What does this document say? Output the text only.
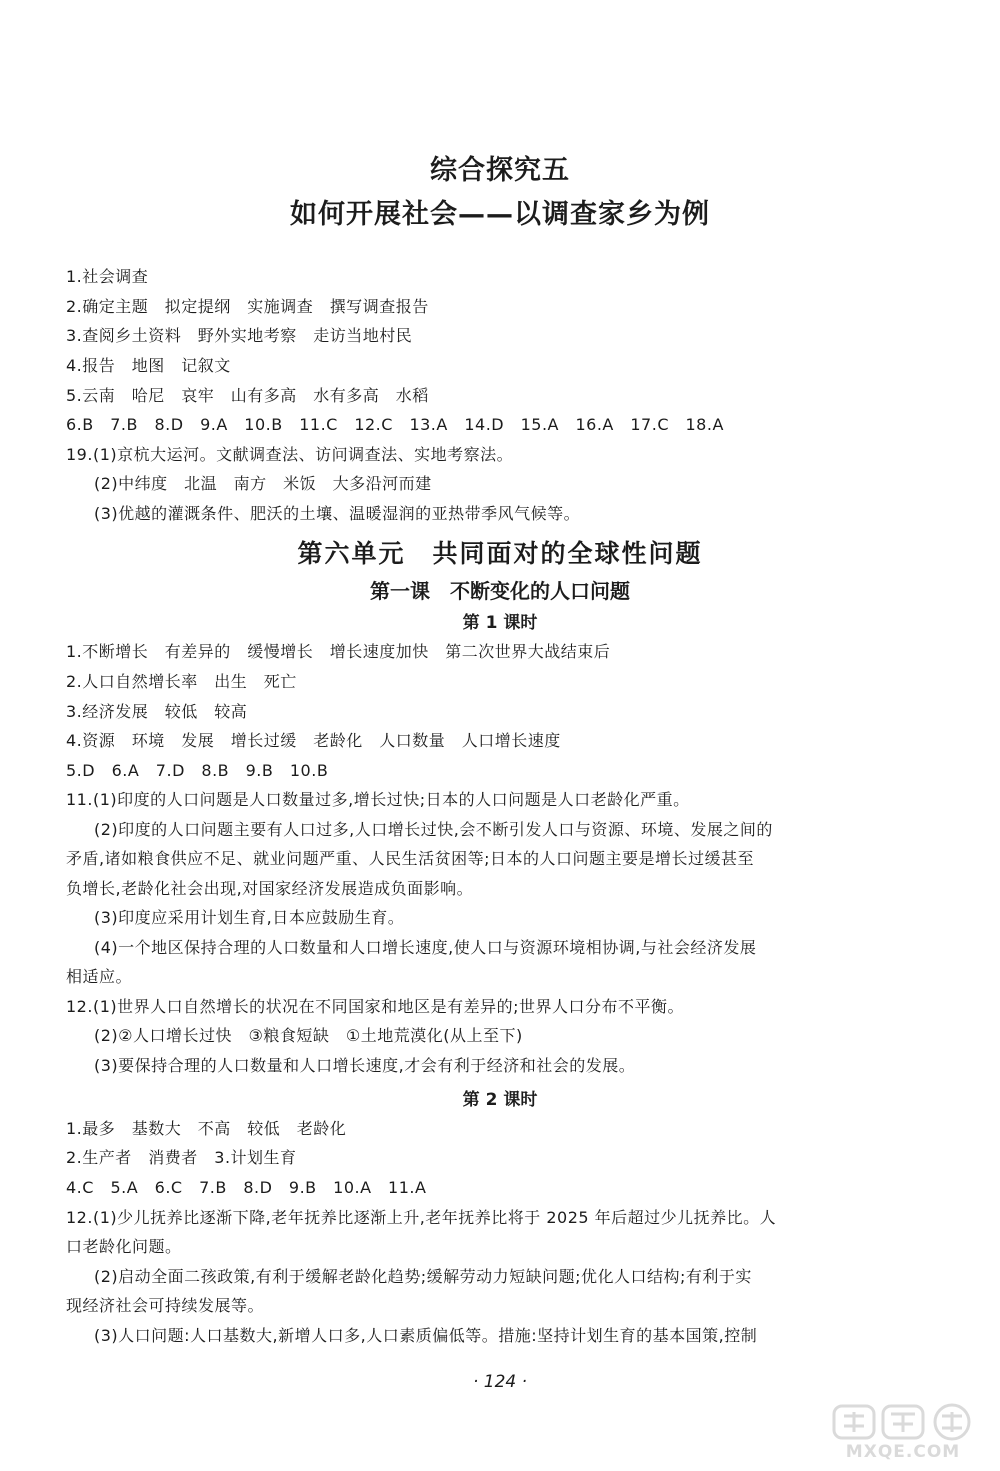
综合探究五
如何开展社会——以调查家乡为例
1.社会调查
2.确定主题　拟定提纲　实施调查　撰写调查报告
3.查阅乡土资料　野外实地考察　走访当地村民
4.报告　地图　记叙文
5.云南　哈尼　哀牢　山有多高　水有多高　水稻
6.B　7.B　8.D　9.A　10.B　11.C　12.C　13.A　14.D　15.A　16.A　17.C　18.A
19.(1)京杭大运河。文献调查法、访问调查法、实地考察法。
(2)中纬度　北温　南方　米饭　大多沿河而建
(3)优越的灌溉条件、肥沃的土壤、温暖湿润的亚热带季风气候等。
第六单元　共同面对的全球性问题
第一课　不断变化的人口问题
第 1 课时
1.不断增长　有差异的　缓慢增长　增长速度加快　第二次世界大战结束后
2.人口自然增长率　出生　死亡
3.经济发展　较低　较高
4.资源　环境　发展　增长过缓　老龄化　人口数量　人口增长速度
5.D　6.A　7.D　8.B　9.B　10.B
11.(1)印度的人口问题是人口数量过多,增长过快;日本的人口问题是人口老龄化严重。
(2)印度的人口问题主要有人口过多,人口增长过快,会不断引发人口与资源、环境、发展之间的
矛盾,诸如粮食供应不足、就业问题严重、人民生活贫困等;日本的人口问题主要是增长过缓甚至
负增长,老龄化社会出现,对国家经济发展造成负面影响。
(3)印度应采用计划生育,日本应鼓励生育。
(4)一个地区保持合理的人口数量和人口增长速度,使人口与资源环境相协调,与社会经济发展
相适应。
12.(1)世界人口自然增长的状况在不同国家和地区是有差异的;世界人口分布不平衡。
(2)②人口增长过快　③粮食短缺　①土地荒漠化(从上至下)
(3)要保持合理的人口数量和人口增长速度,才会有利于经济和社会的发展。
第 2 课时
1.最多　基数大　不高　较低　老龄化
2.生产者　消费者　3.计划生育
4.C　5.A　6.C　7.B　8.D　9.B　10.A　11.A
12.(1)少儿抚养比逐渐下降,老年抚养比逐渐上升,老年抚养比将于 2025 年后超过少儿抚养比。人
口老龄化问题。
(2)启动全面二孩政策,有利于缓解老龄化趋势;缓解劳动力短缺问题;优化人口结构;有利于实
现经济社会可持续发展等。
(3)人口问题:人口基数大,新增人口多,人口素质偏低等。措施:坚持计划生育的基本国策,控制
· 124 ·
MXQE.COM
